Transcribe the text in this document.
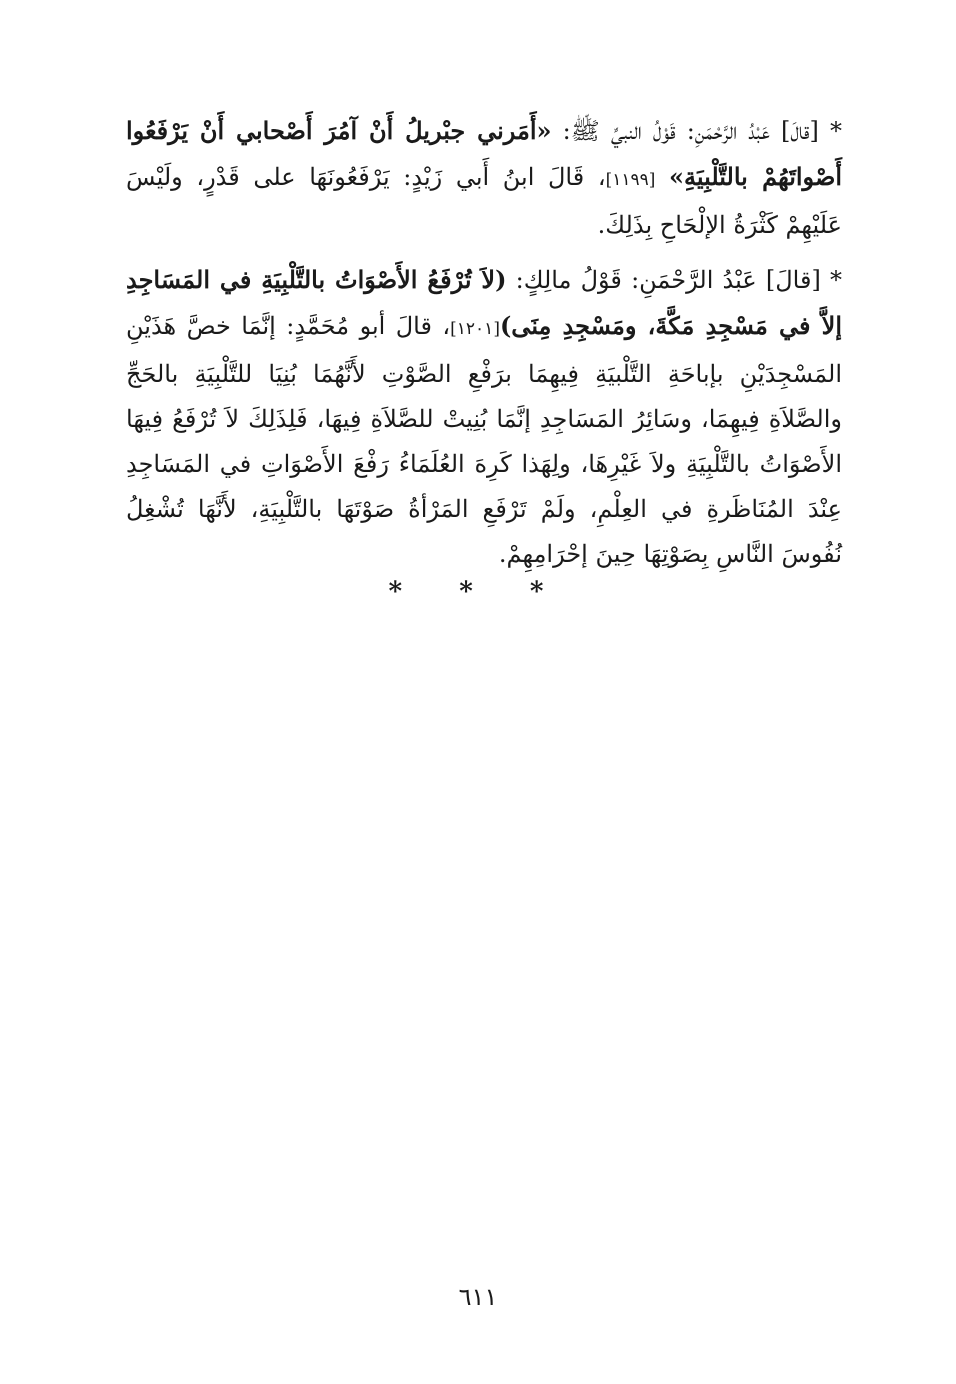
* [قالَ] عَبْدُ الرَّحْمَنِ: قَوْلُ النبيِّ ﷺ: «أَمَرني جبْريلُ أَنْ آمُرَ أَصْحابي أَنْ يَرْفَعُوا أَصْواتَهُمْ بالتَّلْبِيَةِ» [١١٩٩]، قَالَ ابنُ أَبي زَيْدٍ: يَرْفَعُونَهَا على قَدْرٍ، ولَيْسَ عَلَيْهِمْ كَثْرَةُ الإلْحَاحِ بِذَلِكَ.

* [قالَ] عَبْدُ الرَّحْمَنِ: قَوْلُ مالِكٍ: (لاَ تُرْفَعُ الأَصْوَاتُ بالتَّلْبِيَةِ في المَسَاجِدِ إلاَّ في مَسْجِدِ مَكَّةَ، ومَسْجِدِ مِنَى)[١٢٠١]، قالَ أبو مُحَمَّدٍ: إنَّمَا خصَّ هَذَيْنِ المَسْجِدَيْنِ بإباحَةِ التَّلْبيَةِ فِيهِمَا برَفْعِ الصَّوْتِ لأَنَّهُمَا بُنِيَا للتَّلْبِيَةِ بالحَجِّ والصَّلاَةِ فِيهِمَا، وسَائِرُ المَسَاجِدِ إنَّمَا بُنِيتْ للصَّلاَةِ فِيهَا، فَلِذَلِكَ لاَ تُرْفَعُ فِيهَا الأَصْوَاتُ بالتَّلْبِيَةِ ولاَ غَيْرِهَا، ولِهَذا كَرِهَ العُلَمَاءُ رَفْعَ الأَصْوَاتِ في المَسَاجِدِ عِنْدَ المُنَاظَرةِ في العِلْمِ، ولَمْ تَرْفَعِ المَرْأةُ صَوْتَهَا بالتَّلْبِيَةِ، لأَنَّهَا تُشْغِلُ نُفُوسَ النَّاسِ بِصَوْتِهَا حِينَ إحْرَامِهِمْ.

* * *
٦١١
